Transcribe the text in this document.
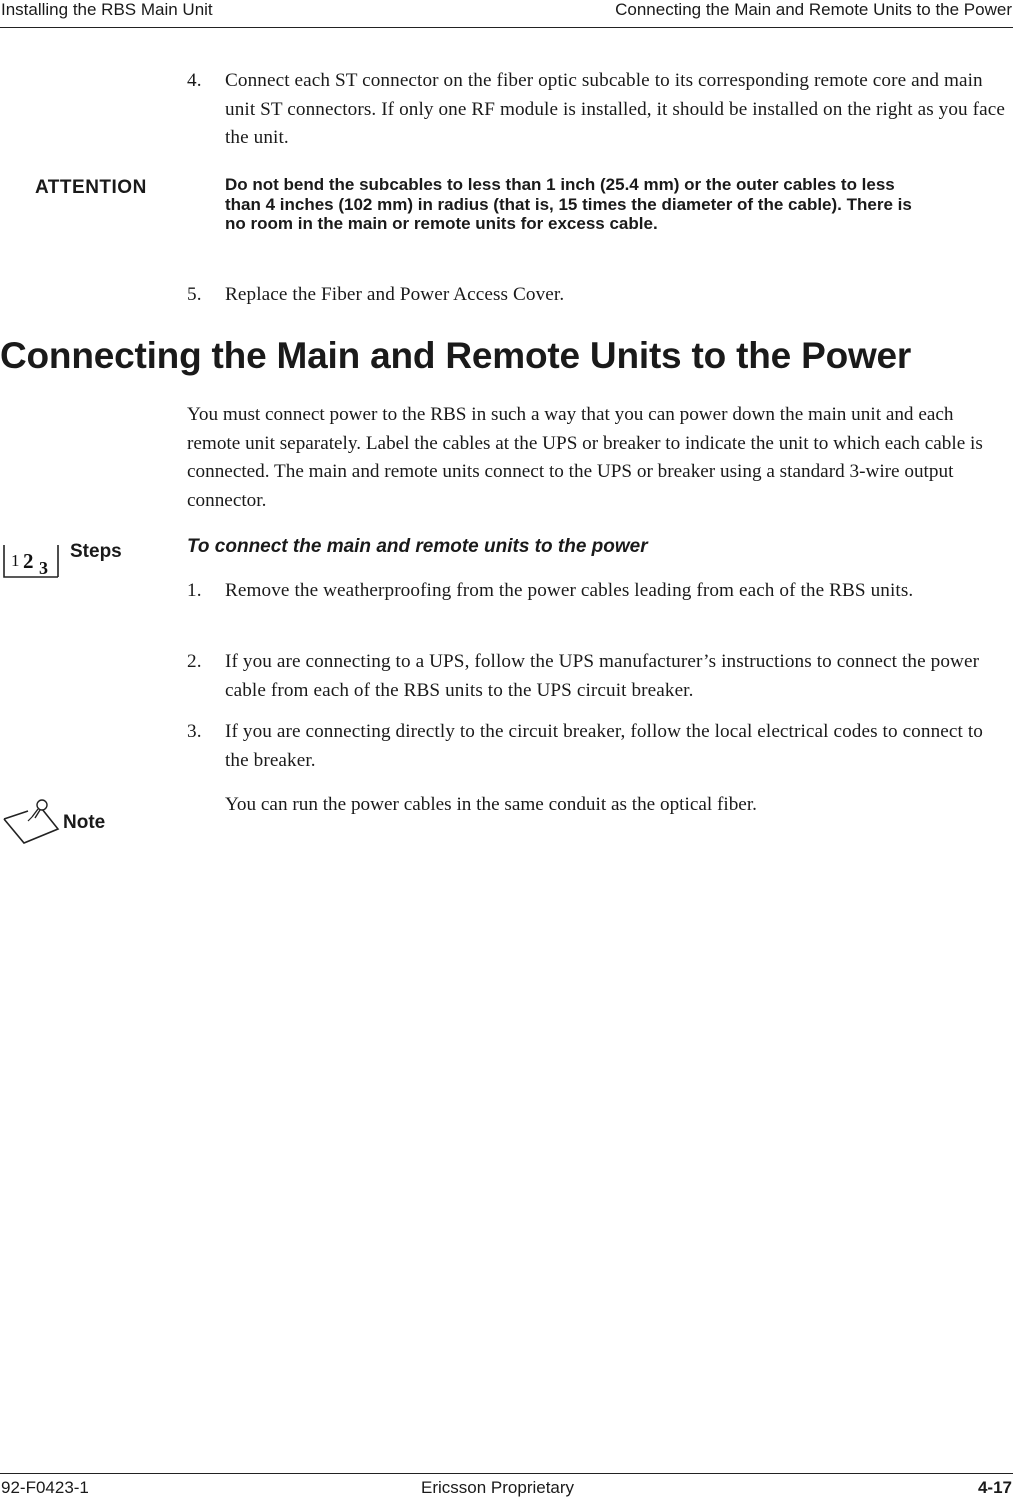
Installing the RBS Main Unit	Connecting the Main and Remote Units to the Power
4. Connect each ST connector on the fiber optic subcable to its corresponding remote core and main unit ST connectors. If only one RF module is installed, it should be installed on the right as you face the unit.
ATTENTION	Do not bend the subcables to less than 1 inch (25.4 mm) or the outer cables to less than 4 inches (102 mm) in radius (that is, 15 times the diameter of the cable). There is no room in the main or remote units for excess cable.
5. Replace the Fiber and Power Access Cover.
Connecting the Main and Remote Units to the Power
You must connect power to the RBS in such a way that you can power down the main unit and each remote unit separately. Label the cables at the UPS or breaker to indicate the unit to which each cable is connected. The main and remote units connect to the UPS or breaker using a standard 3-wire output connector.
1 2 3
Steps	To connect the main and remote units to the power
1. Remove the weatherproofing from the power cables leading from each of the RBS units.
2. If you are connecting to a UPS, follow the UPS manufacturer’s instructions to connect the power cable from each of the RBS units to the UPS circuit breaker.
3. If you are connecting directly to the circuit breaker, follow the local electrical codes to connect to the breaker.
Note
You can run the power cables in the same conduit as the optical fiber.
92-F0423-1	Ericsson Proprietary	4-17
